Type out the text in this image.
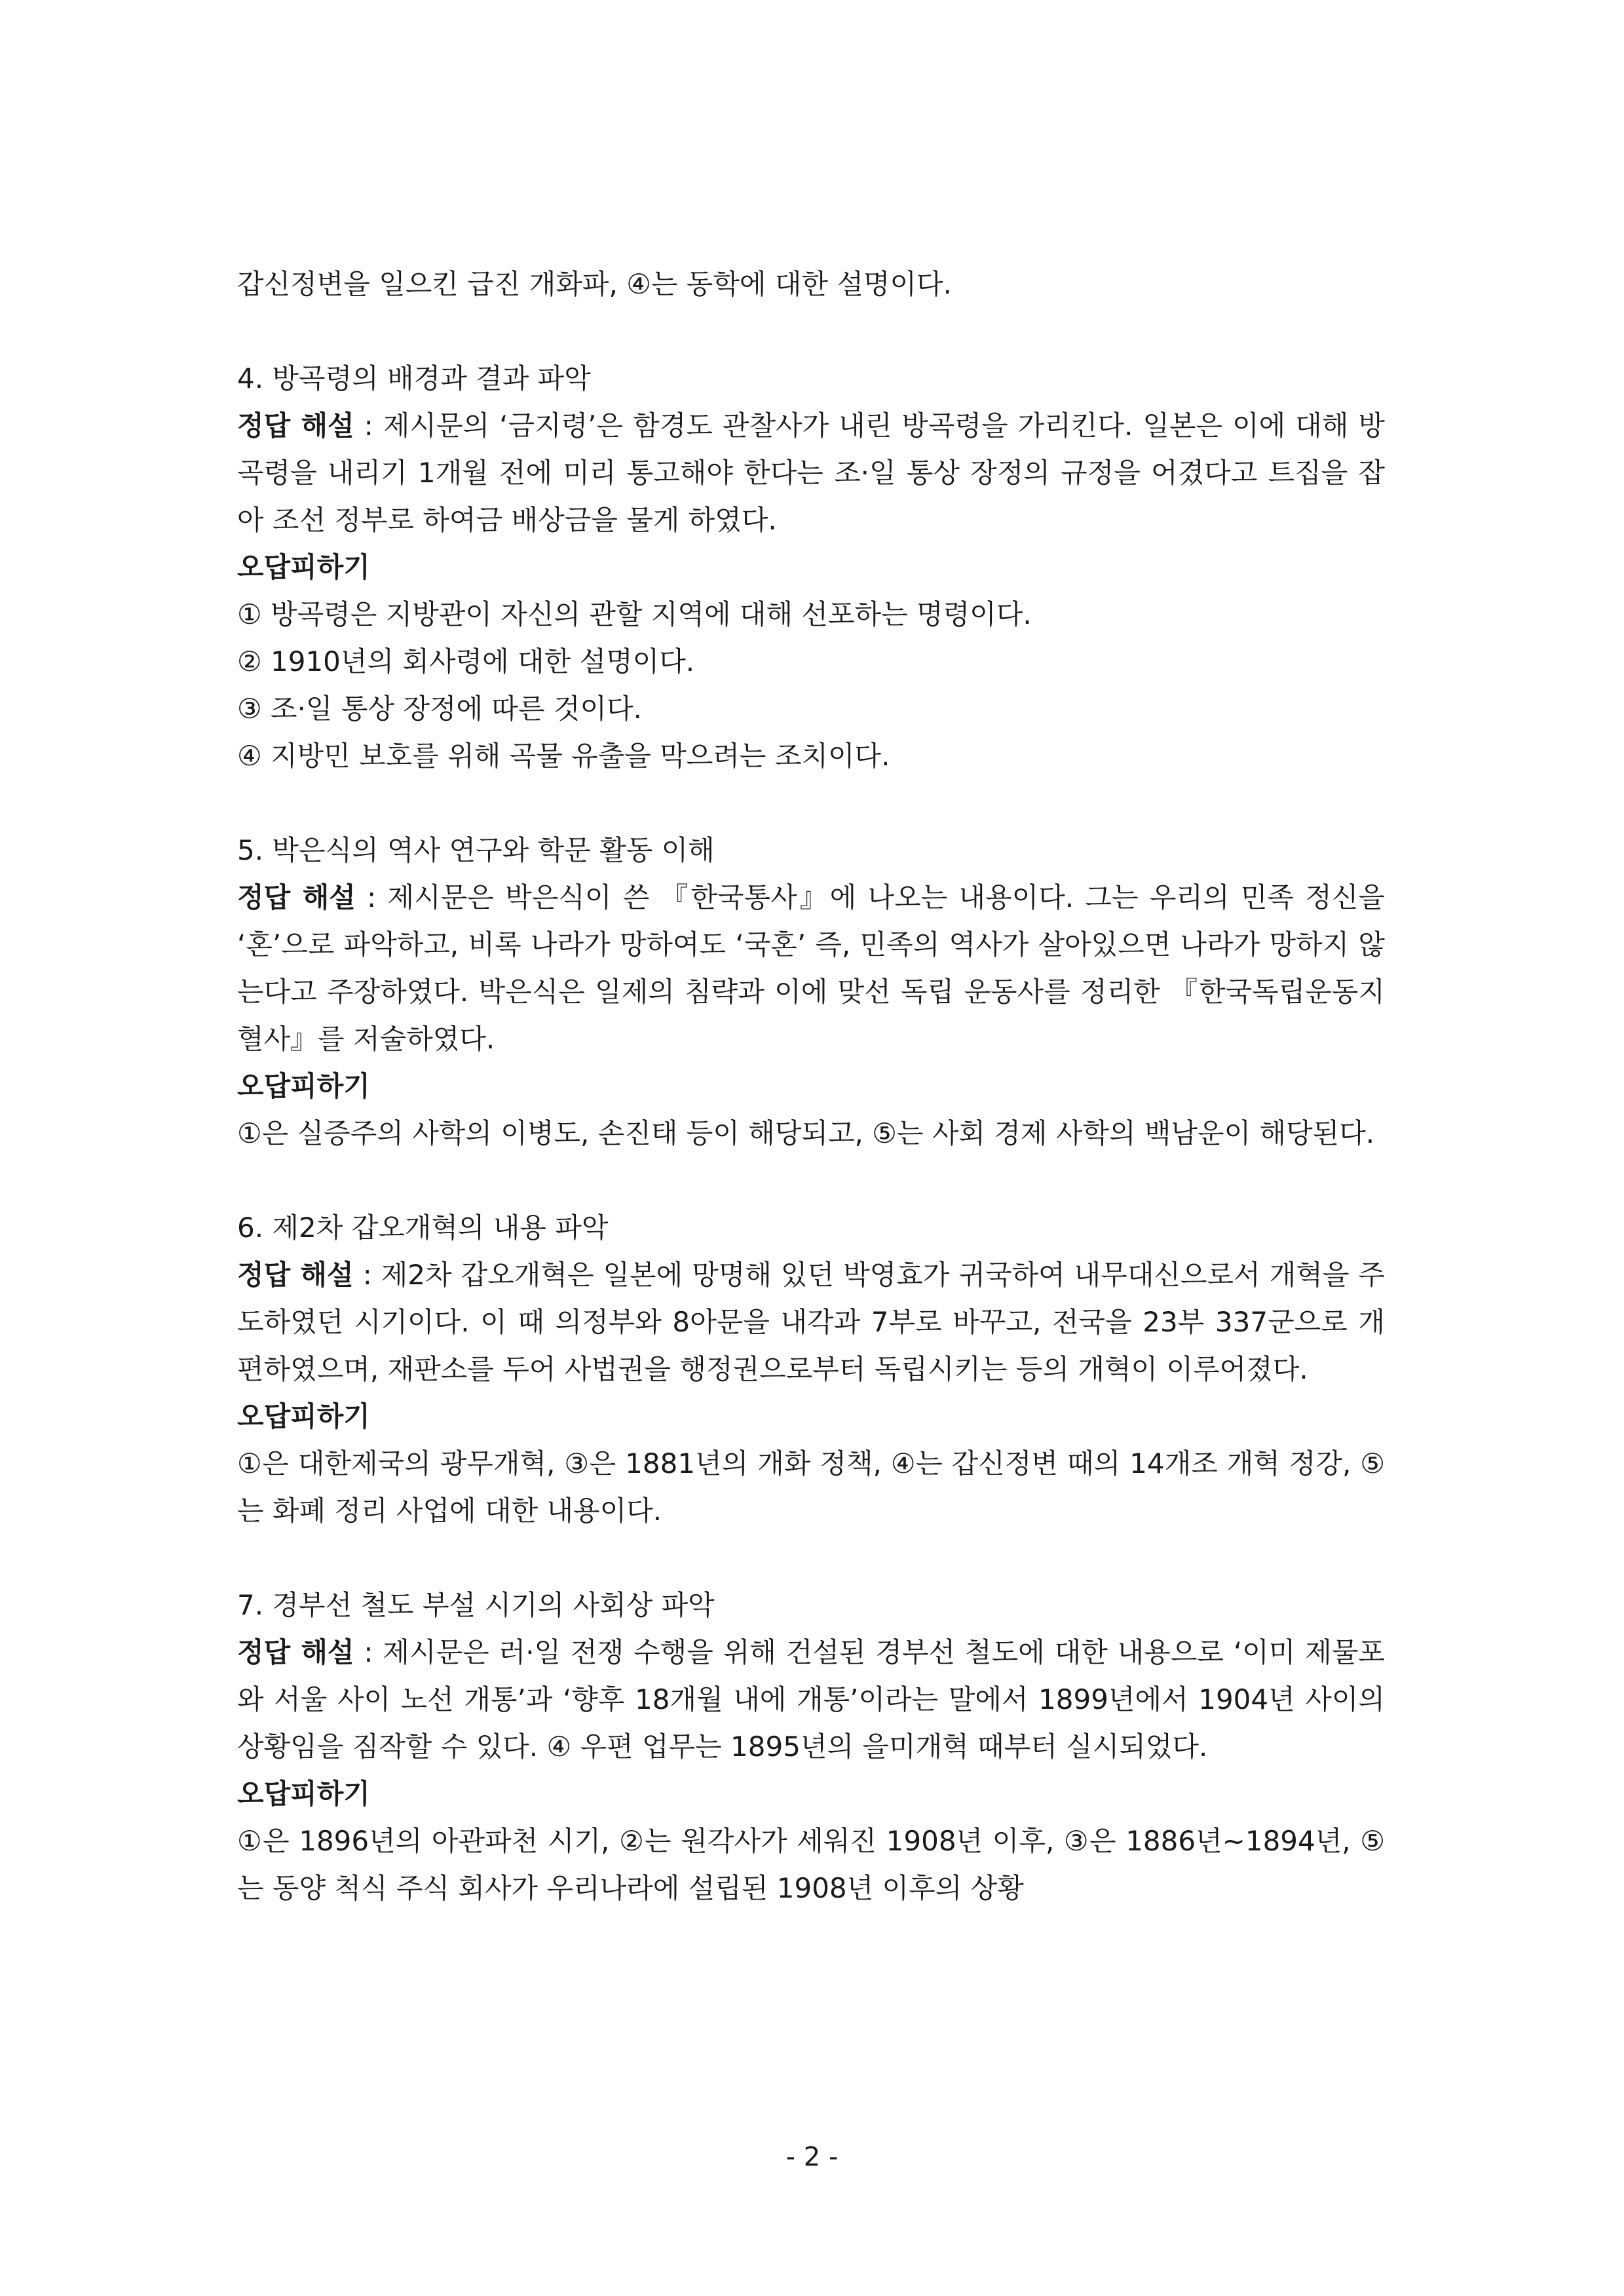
갑신정변을 일으킨 급진 개화파, ④는 동학에 대한 설명이다.

4. 방곡령의 배경과 결과 파악

정답 해설 : 제시문의 ‘금지령’은 함경도 관찰사가 내린 방곡령을 가리킨다. 일본은 이에 대해 방곡령을 내리기 1개월 전에 미리 통고해야 한다는 조·일 통상 장정의 규정을 어겼다고 트집을 잡아 조선 정부로 하여금 배상금을 물게 하였다.

오답피하기

① 방곡령은 지방관이 자신의 관할 지역에 대해 선포하는 명령이다.

② 1910년의 회사령에 대한 설명이다.

③ 조·일 통상 장정에 따른 것이다.

④ 지방민 보호를 위해 곡물 유출을 막으려는 조치이다.

5. 박은식의 역사 연구와 학문 활동 이해

정답 해설 : 제시문은 박은식이 쓴 『한국통사』에 나오는 내용이다. 그는 우리의 민족 정신을 ‘혼’으로 파악하고, 비록 나라가 망하여도 ‘국혼’ 즉, 민족의 역사가 살아있으면 나라가 망하지 않는다고 주장하였다. 박은식은 일제의 침략과 이에 맞선 독립 운동사를 정리한 『한국독립운동지혈사』를 저술하였다.

오답피하기

①은 실증주의 사학의 이병도, 손진태 등이 해당되고, ⑤는 사회 경제 사학의 백남운이 해당된다.

6. 제2차 갑오개혁의 내용 파악

정답 해설 : 제2차 갑오개혁은 일본에 망명해 있던 박영효가 귀국하여 내무대신으로서 개혁을 주도하였던 시기이다. 이 때 의정부와 8아문을 내각과 7부로 바꾸고, 전국을 23부 337군으로 개편하였으며, 재판소를 두어 사법권을 행정권으로부터 독립시키는 등의 개혁이 이루어졌다.

오답피하기

①은 대한제국의 광무개혁, ③은 1881년의 개화 정책, ④는 갑신정변 때의 14개조 개혁 정강, ⑤는 화폐 정리 사업에 대한 내용이다.

7. 경부선 철도 부설 시기의 사회상 파악

정답 해설 : 제시문은 러·일 전쟁 수행을 위해 건설된 경부선 철도에 대한 내용으로 ‘이미 제물포와 서울 사이 노선 개통’과 ‘향후 18개월 내에 개통’이라는 말에서 1899년에서 1904년 사이의 상황임을 짐작할 수 있다. ④ 우편 업무는 1895년의 을미개혁 때부터 실시되었다.

오답피하기

①은 1896년의 아관파천 시기, ②는 원각사가 세워진 1908년 이후, ③은 1886년~1894년, ⑤는 동양 척식 주식 회사가 우리나라에 설립된 1908년 이후의 상황

- 2 -
